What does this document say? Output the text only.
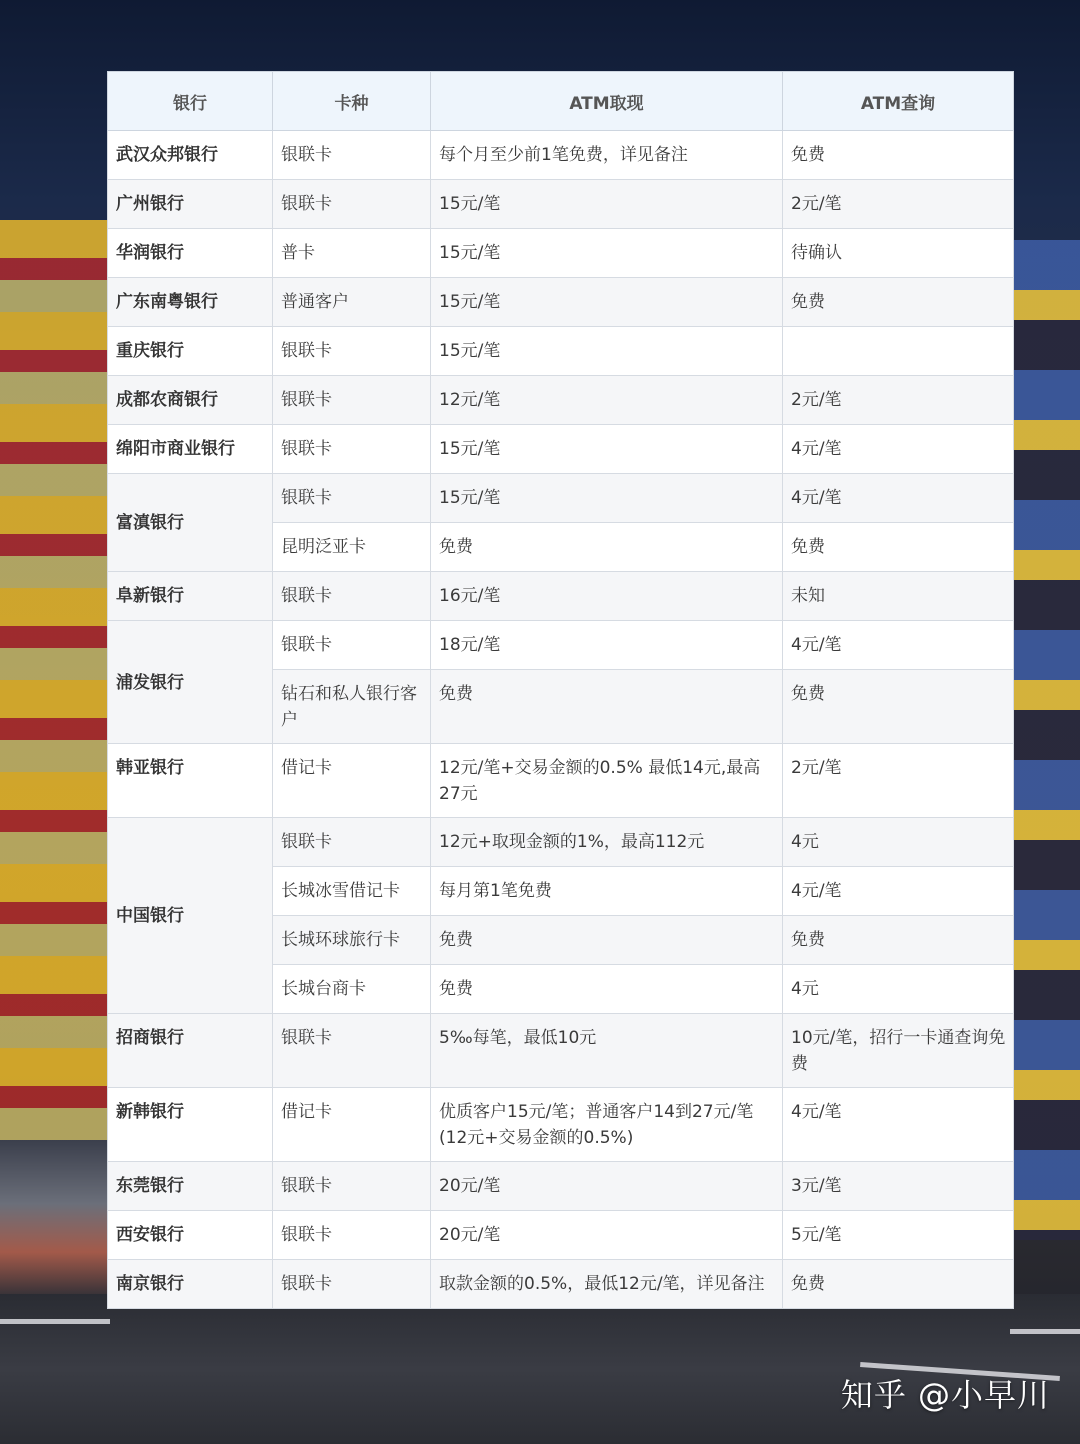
银行	卡种	ATM取现	ATM查询
武汉众邦银行	银联卡	每个月至少前1笔免费，详见备注	免费
广州银行	银联卡	15元/笔	2元/笔
华润银行	普卡	15元/笔	待确认
广东南粤银行	普通客户	15元/笔	免费
重庆银行	银联卡	15元/笔	
成都农商银行	银联卡	12元/笔	2元/笔
绵阳市商业银行	银联卡	15元/笔	4元/笔
富滇银行	银联卡	15元/笔	4元/笔
	昆明泛亚卡	免费	免费
阜新银行	银联卡	16元/笔	未知
浦发银行	银联卡	18元/笔	4元/笔
	钻石和私人银行客户	免费	免费
韩亚银行	借记卡	12元/笔+交易金额的0.5% 最低14元,最高27元	2元/笔
中国银行	银联卡	12元+取现金额的1%，最高112元	4元
	长城冰雪借记卡	每月第1笔免费	4元/笔
	长城环球旅行卡	免费	免费
	长城台商卡	免费	4元
招商银行	银联卡	5‰每笔，最低10元	10元/笔，招行一卡通查询免费
新韩银行	借记卡	优质客户15元/笔；普通客户14到27元/笔(12元+交易金额的0.5%)	4元/笔
东莞银行	银联卡	20元/笔	3元/笔
西安银行	银联卡	20元/笔	5元/笔
南京银行	银联卡	取款金额的0.5%，最低12元/笔，详见备注	免费
知乎 @小早川
